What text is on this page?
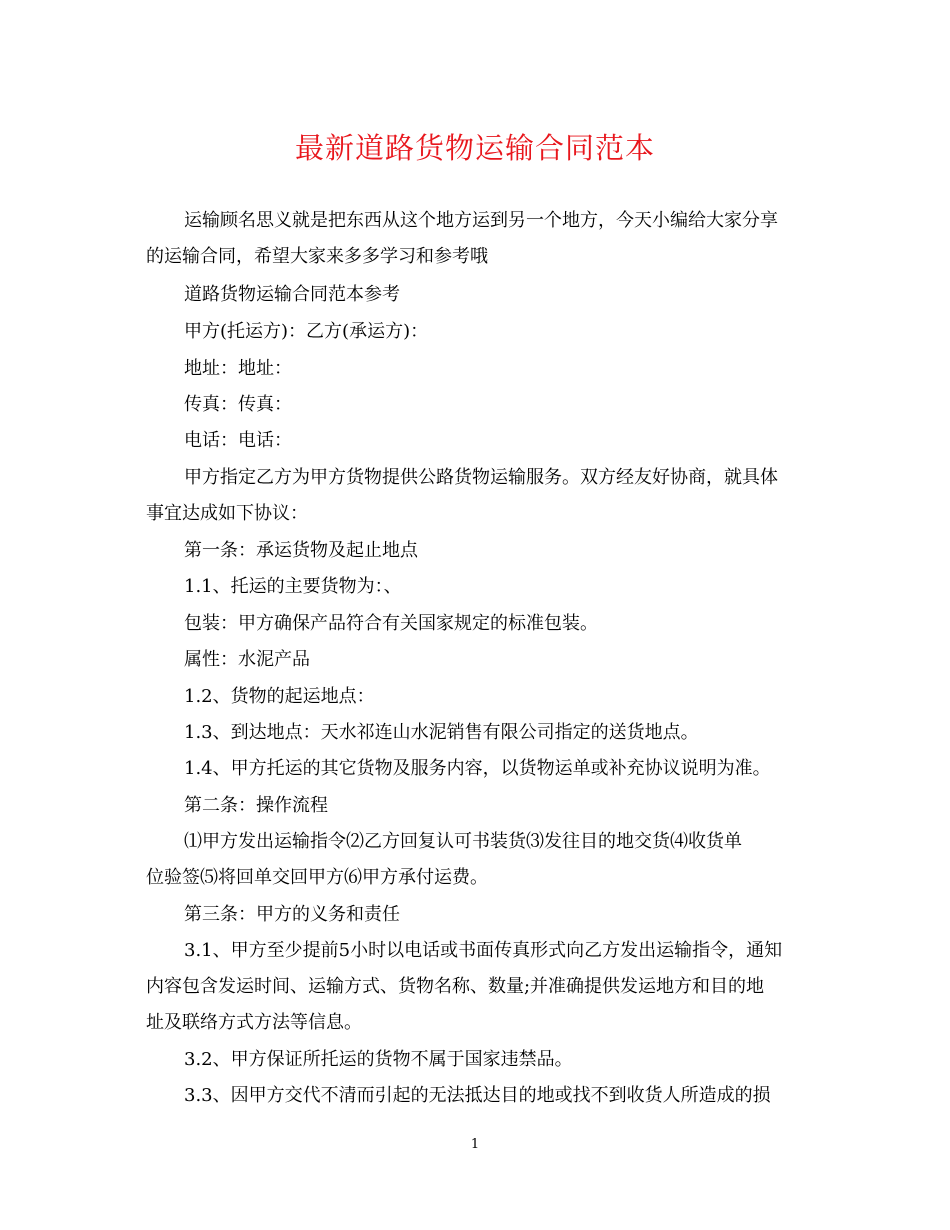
最新道路货物运输合同范本
运输顾名思义就是把东西从这个地方运到另一个地方，今天小编给大家分享
的运输合同，希望大家来多多学习和参考哦
道路货物运输合同范本参考
甲方(托运方)：乙方(承运方)：
地址：地址：
传真：传真：
电话：电话：
甲方指定乙方为甲方货物提供公路货物运输服务。双方经友好协商，就具体
事宜达成如下协议：
第一条：承运货物及起止地点
1.1、托运的主要货物为：、
包装：甲方确保产品符合有关国家规定的标准包装。
属性：水泥产品
1.2、货物的起运地点：
1.3、到达地点：天水祁连山水泥销售有限公司指定的送货地点。
1.4、甲方托运的其它货物及服务内容，以货物运单或补充协议说明为准。
第二条：操作流程
⑴甲方发出运输指令⑵乙方回复认可书装货⑶发往目的地交货⑷收货单
位验签⑸将回单交回甲方⑹甲方承付运费。
第三条：甲方的义务和责任
3.1、甲方至少提前5小时以电话或书面传真形式向乙方发出运输指令，通知
内容包含发运时间、运输方式、货物名称、数量;并准确提供发运地方和目的地
址及联络方式方法等信息。
3.2、甲方保证所托运的货物不属于国家违禁品。
3.3、因甲方交代不清而引起的无法抵达目的地或找不到收货人所造成的损
1
